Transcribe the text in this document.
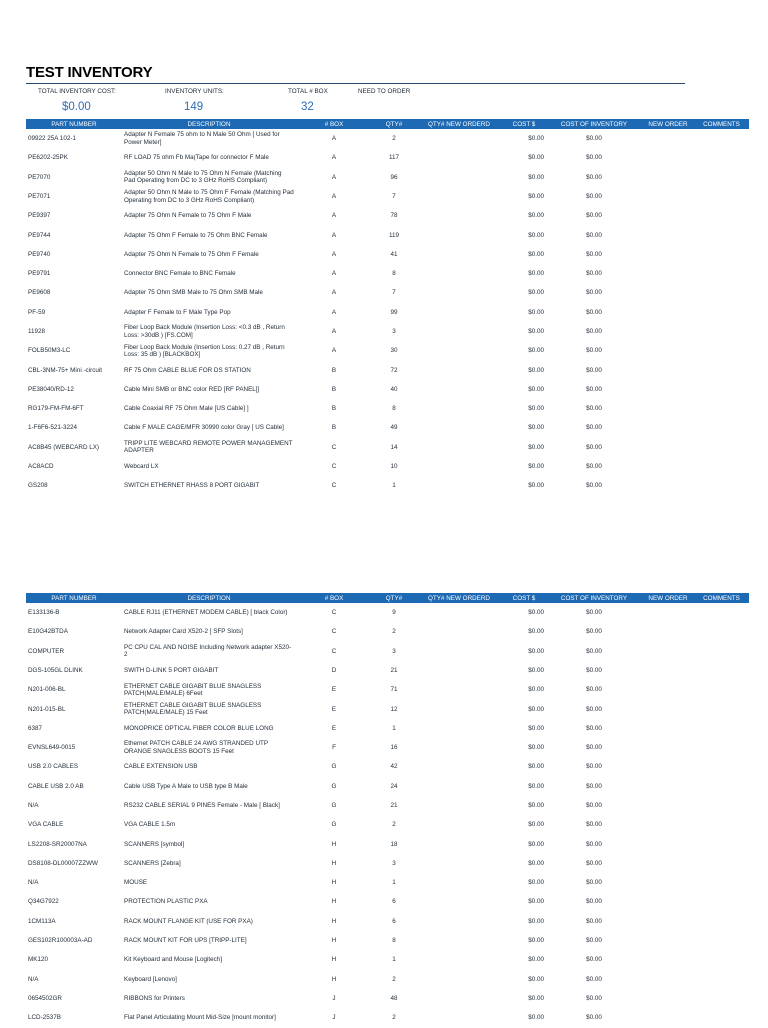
TEST INVENTORY
TOTAL INVENTORY COST:	INVENTORY UNITS:	TOTAL # BOX	NEED TO ORDER
$0.00	149	32
PART NUMBER	DESCRIPTION	# BOX	QTY#	QTY# NEW ORDERD	COST $	COST OF INVENTORY	NEW ORDER	COMMENTS
09922 25A 102-1	Adapter N Female 75 ohm to N Male 50 Ohm [ Used for Power Meter]	A	2		$0.00	$0.00		
PE6202-25PK	RF LOAD 75 ohm Fb Ma(Tape for connector F Male	A	117		$0.00	$0.00		
PE7070	Adapter 50 Ohm N Male to 75 Ohm N Female (Matching Pad Operating from DC to 3 GHz RoHS Compliant)	A	96		$0.00	$0.00		
PE7071	Adapter 50 Ohm N Male to 75 Ohm F Female (Matching Pad Operating from DC to 3 GHz RoHS Compliant)	A	7		$0.00	$0.00		
PE9397	Adapter 75 Ohm N Female to 75 Ohm F Male	A	78		$0.00	$0.00		
PE9744	Adapter 75 Ohm F Female to 75 Ohm BNC Female	A	119		$0.00	$0.00		
PE9740	Adapter 75 Ohm N Female to 75 Ohm F Female	A	41		$0.00	$0.00		
PE9791	Connector BNC Female to BNC Female	A	8		$0.00	$0.00		
PE9608	Adapter 75 Ohm SMB Male to 75 Ohm SMB Male	A	7		$0.00	$0.00		
PF-59	Adapter F Female to F Male Type Pop	A	99		$0.00	$0.00		
11928	Fiber Loop Back Module (Insertion Loss: <0.3 dB , Return Loss: >30dB ) [FS.COM]	A	3		$0.00	$0.00		
FOLB50M3-LC	Fiber Loop Back Module (Insertion Loss: 0.27 dB , Return Loss: 35 dB ) [BLACKBOX]	A	30		$0.00	$0.00		
CBL-3NM-75+ Mini -circuit	RF 75 Ohm CABLE BLUE FOR DS STATION	B	72		$0.00	$0.00		
PE38040/RD-12	Cable Mini SMB or BNC color RED [RF PANEL]]	B	40		$0.00	$0.00		
RG179-FM-FM-6FT	Cable Coaxial RF 75 Ohm Male [US Cable] ]	B	8		$0.00	$0.00		
1-F6F6-521-3224	Cable F MALE CAGE/MFR 30990 color Gray [ US Cable]	B	49		$0.00	$0.00		
AC8B45 (WEBCARD LX)	TRIPP LITE WEBCARD REMOTE POWER MANAGEMENT ADAPTER	C	14		$0.00	$0.00		
AC8ACD	Webcard LX	C	10		$0.00	$0.00		
GS208	SWITCH ETHERNET RHASS 8 PORT GIGABIT	C	1		$0.00	$0.00		
PART NUMBER	DESCRIPTION	# BOX	QTY#	QTY# NEW ORDERD	COST $	COST OF INVENTORY	NEW ORDER	COMMENTS
E133136-B	CABLE RJ11 (ETHERNET MODEM CABLE) [ black Color)	C	9		$0.00	$0.00		
E10G42BTDA	Network Adapter Card X520-2 [ SFP Slots]	C	2		$0.00	$0.00		
COMPUTER	PC CPU CAL AND NOISE Including Network adapter X520-2	C	3		$0.00	$0.00		
DGS-105GL DLINK	SWITH D-LINK 5 PORT GIGABIT	D	21		$0.00	$0.00		
N201-006-BL	ETHERNET CABLE GIGABIT BLUE SNAGLESS PATCH(MALE/MALE) 6Feet	E	71		$0.00	$0.00		
N201-015-BL	ETHERNET CABLE GIGABIT BLUE SNAGLESS PATCH(MALE/MALE) 15 Feet	E	12		$0.00	$0.00		
6387	MONOPRICE OPTICAL FIBER COLOR BLUE LONG	E	1		$0.00	$0.00		
EVNSL649-0015	Ethernet PATCH CABLE 24 AWG STRANDED UTP ORANGE SNAGLESS BOOTS 15 Feet	F	16		$0.00	$0.00		
USB 2.0 CABLES	CABLE EXTENSION USB	G	42		$0.00	$0.00		
CABLE USB 2.0 AB	Cable USB Type A Male to USB type B Male	G	24		$0.00	$0.00		
N/A	RS232 CABLE SERIAL 9 PINES Female - Male [ Black]	G	21		$0.00	$0.00		
VGA CABLE	VGA CABLE 1.5m	G	2		$0.00	$0.00		
LS2208-SR20007NA	SCANNERS [symbol]	H	18		$0.00	$0.00		
DS8108-DL00007ZZWW	SCANNERS [Zebra]	H	3		$0.00	$0.00		
N/A	MOUSE	H	1		$0.00	$0.00		
Q34G7922	PROTECTION PLASTIC PXA	H	6		$0.00	$0.00		
1CM113A	RACK MOUNT FLANGE KIT (USE FOR PXA)	H	6		$0.00	$0.00		
GES102R100003A-AD	RACK MOUNT KIT FOR UPS [TRIPP-LITE]	H	8		$0.00	$0.00		
MK120	Kit Keyboard and Mouse [Logitech]	H	1		$0.00	$0.00		
N/A	Keyboard [Lenovo]	H	2		$0.00	$0.00		
0654502GR	RIBBONS for Printers	J	48		$0.00	$0.00		
LCD-2537B	Flat Panel Articulating Mount Mid-Size [mount monitor]	J	2		$0.00	$0.00		
